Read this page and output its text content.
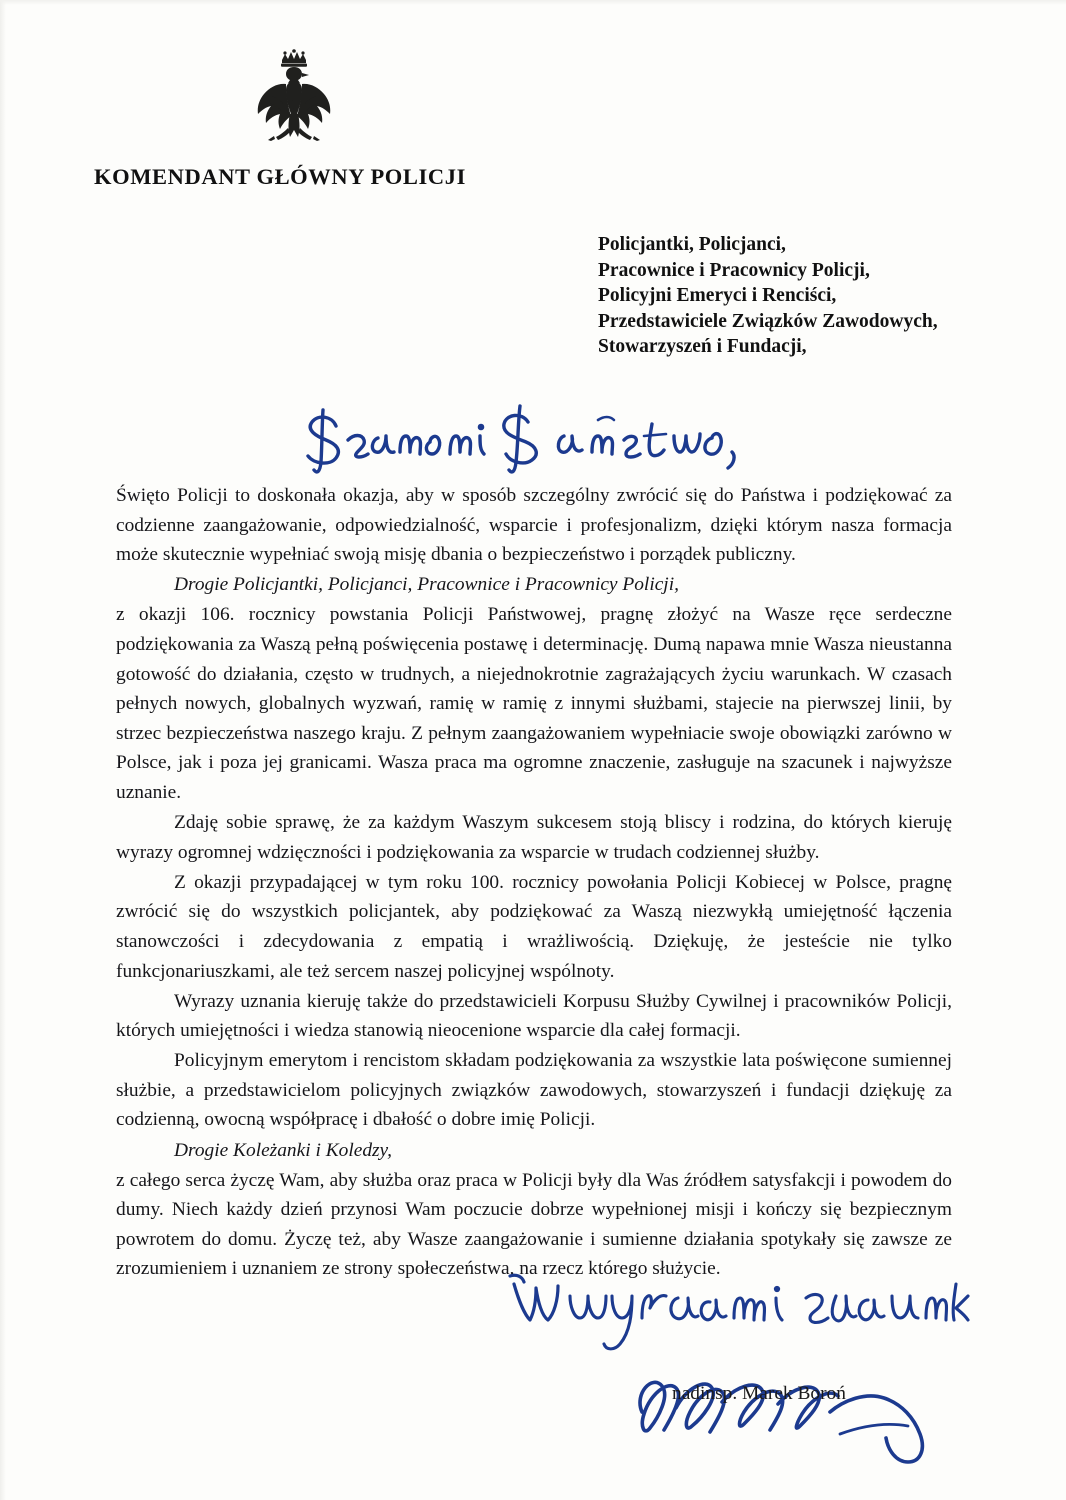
KOMENDANT GŁÓWNY POLICJI
Policjantki, Policjanci,
Pracownice i Pracownicy Policji,
Policyjni Emeryci i Renciści,
Przedstawiciele Związków Zawodowych,
Stowarzyszeń i Fundacji,

Święto Policji to doskonała okazja, aby w sposób szczególny zwrócić się do Państwa i podziękować za codzienne zaangażowanie, odpowiedzialność, wsparcie i profesjonalizm, dzięki którym nasza formacja może skutecznie wypełniać swoją misję dbania o bezpieczeństwo i porządek publiczny.

Drogie Policjantki, Policjanci, Pracownice i Pracownicy Policji,

z okazji 106. rocznicy powstania Policji Państwowej, pragnę złożyć na Wasze ręce serdeczne podziękowania za Waszą pełną poświęcenia postawę i determinację. Dumą napawa mnie Wasza nieustanna gotowość do działania, często w trudnych, a niejednokrotnie zagrażających życiu warunkach. W czasach pełnych nowych, globalnych wyzwań, ramię w ramię z innymi służbami, stajecie na pierwszej linii, by strzec bezpieczeństwa naszego kraju. Z pełnym zaangażowaniem wypełniacie swoje obowiązki zarówno w Polsce, jak i poza jej granicami. Wasza praca ma ogromne znaczenie, zasługuje na szacunek i najwyższe uznanie.

Zdaję sobie sprawę, że za każdym Waszym sukcesem stoją bliscy i rodzina, do których kieruję wyrazy ogromnej wdzięczności i podziękowania za wsparcie w trudach codziennej służby.

Z okazji przypadającej w tym roku 100. rocznicy powołania Policji Kobiecej w Polsce, pragnę zwrócić się do wszystkich policjantek, aby podziękować za Waszą niezwykłą umiejętność łączenia stanowczości i zdecydowania z empatią i wrażliwością. Dziękuję, że jesteście nie tylko funkcjonariuszkami, ale też sercem naszej policyjnej wspólnoty.

Wyrazy uznania kieruję także do przedstawicieli Korpusu Służby Cywilnej i pracowników Policji, których umiejętności i wiedza stanowią nieocenione wsparcie dla całej formacji.

Policyjnym emerytom i rencistom składam podziękowania za wszystkie lata poświęcone sumiennej służbie, a przedstawicielom policyjnych związków zawodowych, stowarzyszeń i fundacji dziękuję za codzienną, owocną współpracę i dbałość o dobre imię Policji.

Drogie Koleżanki i Koledzy,

z całego serca życzę Wam, aby służba oraz praca w Policji były dla Was źródłem satysfakcji i powodem do dumy. Niech każdy dzień przynosi Wam poczucie dobrze wypełnionej misji i kończy się bezpiecznym powrotem do domu. Życzę też, aby Wasze zaangażowanie i sumienne działania spotykały się zawsze ze zrozumieniem i uznaniem ze strony społeczeństwa, na rzecz którego służycie.

nadinsp. Marek Boroń
